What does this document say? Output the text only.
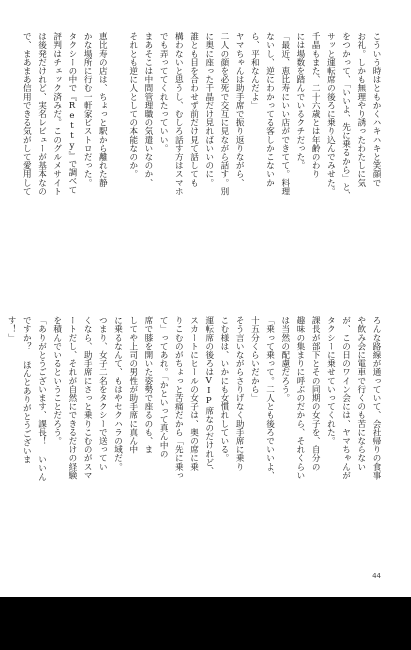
こういう時はともかくハキハキと笑顔で
お礼。しかも無理やり誘ったわたしに気
をつかって、「いいよ、先に乗るから」と、
サッと運転席の後ろに乗り込んでみせた。
千晶もまた、二十六歳とは年齢のわり
には場数を踏んでいるクチだった。
「最近、恵比寿にいい店ができてて。料理
ないし、逆にわかってる客しかこないか
ら、平和なんだよ」
ヤマちゃんは助手席で振り返りながら、
二人の顔を必死で交互に見ながら話す。別
に奥に座った千晶だけ見ればいいのに。
誰とも目を合わせず前だけ見て話しても
構わないと思うし、むしろ話す方はスマホ
でも弄っててくれたっていい。
まあそこは中間管理職の気遣いなのか、
それとも逆に人としての本能なのか。

恵比寿の店は、ちょっと駅から離れた静
かな場所に行む一軒家ビストロだった。
タクシーの中で『Retty』で調べて
評判はチェック済みだ。このグルメサイト
は後発だけれど、実名レビューが基本なの
で、まあまあ信用できる気がして愛用して
ろんな路線が通っていて、会社帰りの食事
や飲み会に電車で行くのも苦にならない
が、この日のワイン会には、ヤマちゃんが
タクシーに乗せていってくれた。
課長が部下とその同期の女子を、自分の
趣味の集まりに呼ぶのだから、それくらい
は当然の配慮だろう。
「乗って乗って。二人とも後ろでいいよ、
十五分くらいだから」
そう言いながらさりげなく助手席に乗り
こむ様は、いかにも女慣れしている。
運転席の後ろはVIP席なのだけれど、
スカートにヒールの女子は、奥の席に乗
りこむのがちょっと苦痛だから「先に乗っ
て」ってあれ。「かといって真ん中の
席で膝を開いた姿勢で座るのも、ま
してや上司の男性が助手席に真ん中
に乗るなんて、もはやセクハラの域だ。
つまり、女子二名をタクシーで送ってい
くなら、助手席にさっと乗りこむのがスマ
ートだし、それが自然にできるだけの経験
を積んでいるということだろう。
「ありがとうございます、課長！ いいん
ですか？ ほんとありがとうございま
す！」
44
